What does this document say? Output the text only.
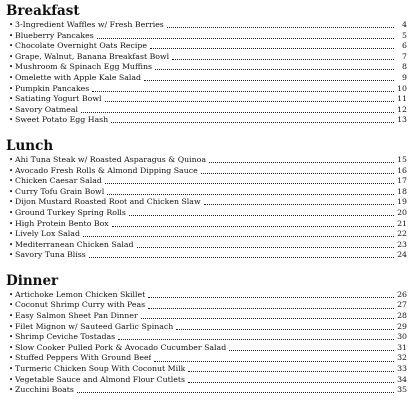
Breakfast
• 3-Ingredient Waffles w/ Fresh Berries	4
• Blueberry Pancakes	5
• Chocolate Overnight Oats Recipe	6
• Grape, Walnut, Banana Breakfast Bowl	7
• Mushroom & Spinach Egg Muffins	8
• Omelette with Apple Kale Salad	9
• Pumpkin Pancakes	10
• Satiating Yogurt Bowl	11
• Savory Oatmeal	12
• Sweet Potato Egg Hash	13
Lunch
• Ahi Tuna Steak w/ Roasted Asparagus & Quinoa	15
• Avocado Fresh Rolls & Almond Dipping Sauce	16
• Chicken Caesar Salad	17
• Curry Tofu Grain Bowl	18
• Dijon Mustard Roasted Root and Chicken Slaw	19
• Ground Turkey Spring Rolls	20
• High Protein Bento Box	21
• Lively Lox Salad	22
• Mediterranean Chicken Salad	23
• Savory Tuna Bliss	24
Dinner
• Artichoke Lemon Chicken Skillet	26
• Coconut Shrimp Curry with Peas	27
• Easy Salmon Sheet Pan Dinner	28
• Filet Mignon w/ Sauteed Garlic Spinach	29
• Shrimp Ceviche Tostadas	30
• Slow Cooker Pulled Pork & Avocado Cucumber Salad	31
• Stuffed Peppers With Ground Beef	32
• Turmeric Chicken Soup With Coconut Milk	33
• Vegetable Sauce and Almond Flour Cutlets	34
• Zucchini Boats	35
